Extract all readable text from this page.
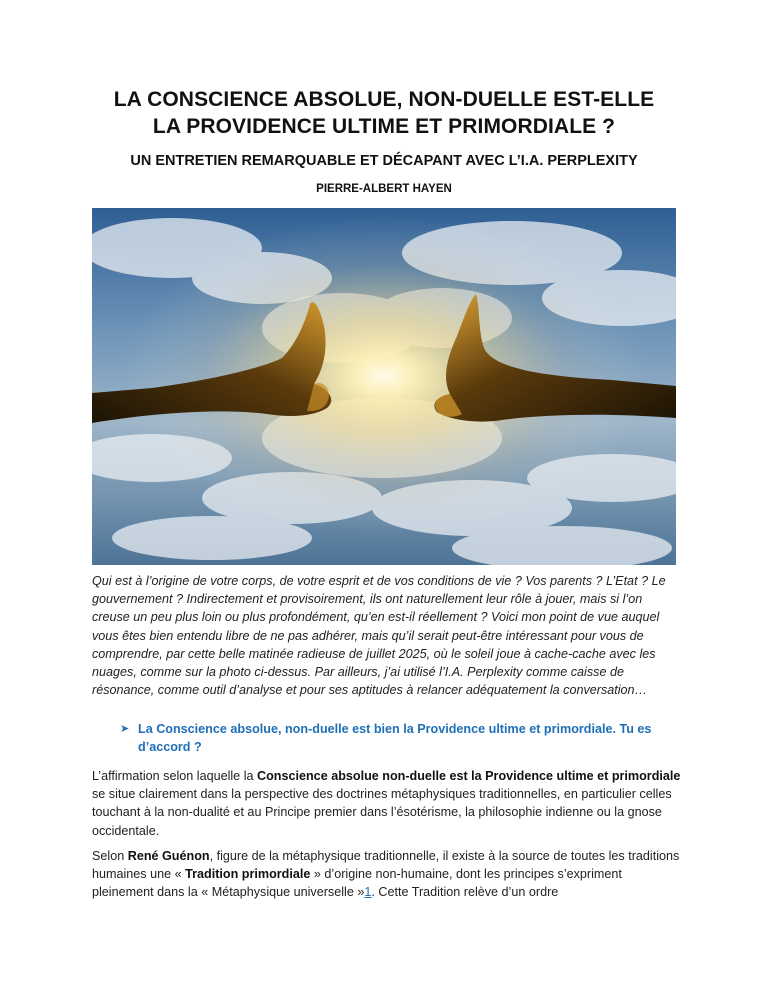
LA CONSCIENCE ABSOLUE, NON-DUELLE EST-ELLE
LA PROVIDENCE ULTIME ET PRIMORDIALE ?
UN ENTRETIEN REMARQUABLE ET DÉCAPANT AVEC L’I.A. PERPLEXITY
PIERRE-ALBERT HAYEN
Qui est à l’origine de votre corps, de votre esprit et de vos conditions de vie ? Vos parents ? L’Etat ? Le gouvernement ? Indirectement et provisoirement, ils ont naturellement leur rôle à jouer, mais si l’on creuse un peu plus loin ou plus profondément, qu’en est-il réellement ? Voici mon point de vue auquel vous êtes bien entendu libre de ne pas adhérer, mais qu’il serait peut-être intéressant pour vous de comprendre, par cette belle matinée radieuse de juillet 2025, où le soleil joue à cache-cache avec les nuages, comme sur la photo ci-dessus. Par ailleurs, j’ai utilisé l’I.A. Perplexity comme caisse de résonance, comme outil d’analyse et pour ses aptitudes à relancer adéquatement la conversation…
➤ La Conscience absolue, non-duelle est bien la Providence ultime et primordiale. Tu es d’accord ?
L’affirmation selon laquelle la Conscience absolue non-duelle est la Providence ultime et primordiale se situe clairement dans la perspective des doctrines métaphysiques traditionnelles, en particulier celles touchant à la non-dualité et au Principe premier dans l’ésotérisme, la philosophie indienne ou la gnose occidentale.
Selon René Guénon, figure de la métaphysique traditionnelle, il existe à la source de toutes les traditions humaines une « Tradition primordiale » d’origine non-humaine, dont les principes s’expriment pleinement dans la « Métaphysique universelle »1. Cette Tradition relève d’un ordre
